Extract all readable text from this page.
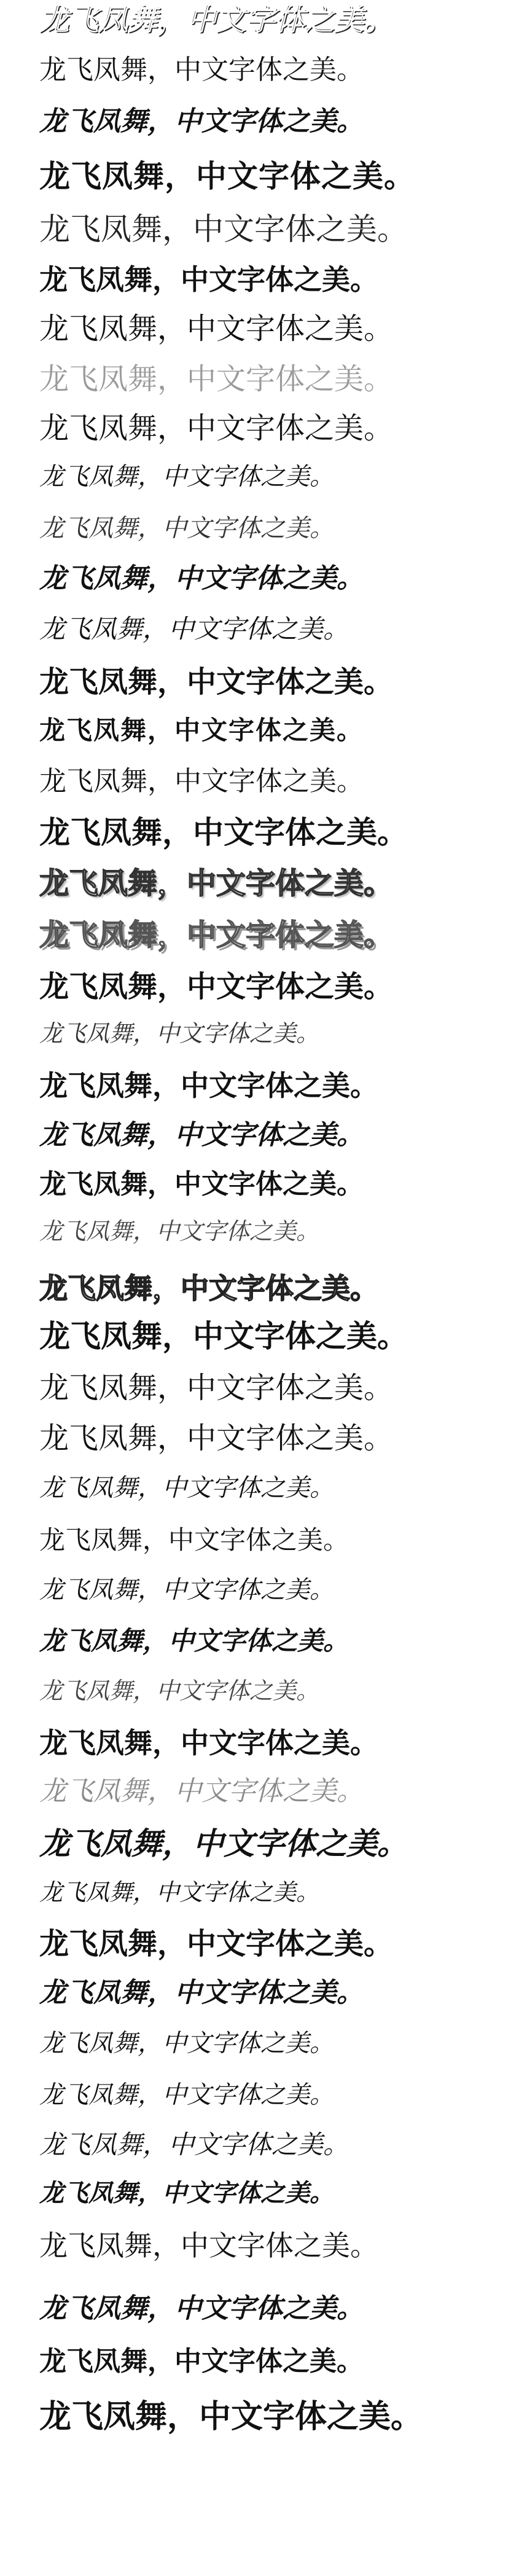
龙飞凤舞，中文字体之美。
龙飞凤舞，中文字体之美。
龙飞凤舞，中文字体之美。
龙飞凤舞，中文字体之美。
龙飞凤舞，中文字体之美。
龙飞凤舞，中文字体之美。
龙飞凤舞，中文字体之美。
龙飞凤舞，中文字体之美。
龙飞凤舞，中文字体之美。
龙飞凤舞，中文字体之美。
龙飞凤舞，中文字体之美。
龙飞凤舞，中文字体之美。
龙飞凤舞，中文字体之美。
龙飞凤舞，中文字体之美。
龙飞凤舞，中文字体之美。
龙飞凤舞，中文字体之美。
龙飞凤舞，中文字体之美。
龙飞凤舞，中文字体之美。
龙飞凤舞，中文字体之美。
龙飞凤舞，中文字体之美。
龙飞凤舞，中文字体之美。
龙飞凤舞，中文字体之美。
龙飞凤舞，中文字体之美。
龙飞凤舞，中文字体之美。
龙飞凤舞，中文字体之美。
龙飞凤舞，中文字体之美。
龙飞凤舞，中文字体之美。
龙飞凤舞，中文字体之美。
龙飞凤舞，中文字体之美。
龙飞凤舞，中文字体之美。
龙飞凤舞，中文字体之美。
龙飞凤舞，中文字体之美。
龙飞凤舞，中文字体之美。
龙飞凤舞，中文字体之美。
龙飞凤舞，中文字体之美。
龙飞凤舞，中文字体之美。
龙飞凤舞，中文字体之美。
龙飞凤舞，中文字体之美。
龙飞凤舞，中文字体之美。
龙飞凤舞，中文字体之美。
龙飞凤舞，中文字体之美。
龙飞凤舞，中文字体之美。
龙飞凤舞，中文字体之美。
龙飞凤舞，中文字体之美。
龙飞凤舞，中文字体之美。
龙飞凤舞，中文字体之美。
龙飞凤舞，中文字体之美。
龙飞凤舞，中文字体之美。
